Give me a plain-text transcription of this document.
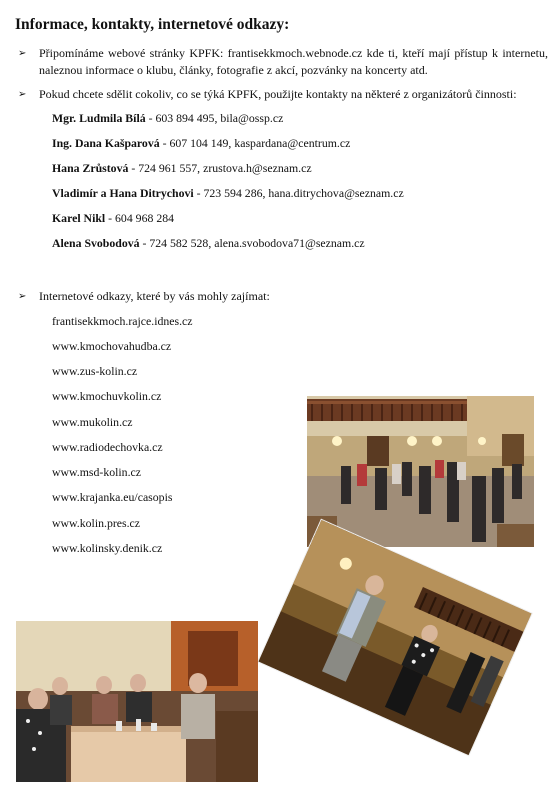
Informace, kontakty, internetové odkazy:
➢ Připomínáme webové stránky KPFK: frantisekkmoch.webnode.cz kde ti, kteří mají přístup k internetu, naleznou informace o klubu, články, fotografie z akcí, pozvánky na koncerty atd.
➢ Pokud chcete sdělit cokoliv, co se týká KPFK, použijte kontakty na některé z organizátorů činnosti:
Mgr. Ludmila Bílá - 603 894 495, bila@ossp.cz
Ing. Dana Kašparová - 607 104 149, kaspardana@centrum.cz
Hana Zrůstová - 724 961 557, zrustova.h@seznam.cz
Vladimír a Hana Ditrychovi - 723 594 286, hana.ditrychova@seznam.cz
Karel Nikl - 604 968 284
Alena Svobodová - 724 582 528, alena.svobodova71@seznam.cz
➢ Internetové odkazy, které by vás mohly zajímat:
frantisekkmoch.rajce.idnes.cz
www.kmochovahudba.cz
www.zus-kolin.cz
www.kmochuvkolin.cz
www.mukolin.cz
www.radiodechovka.cz
www.msd-kolin.cz
www.krajanka.eu/casopis
www.kolin.pres.cz
www.kolinsky.denik.cz
